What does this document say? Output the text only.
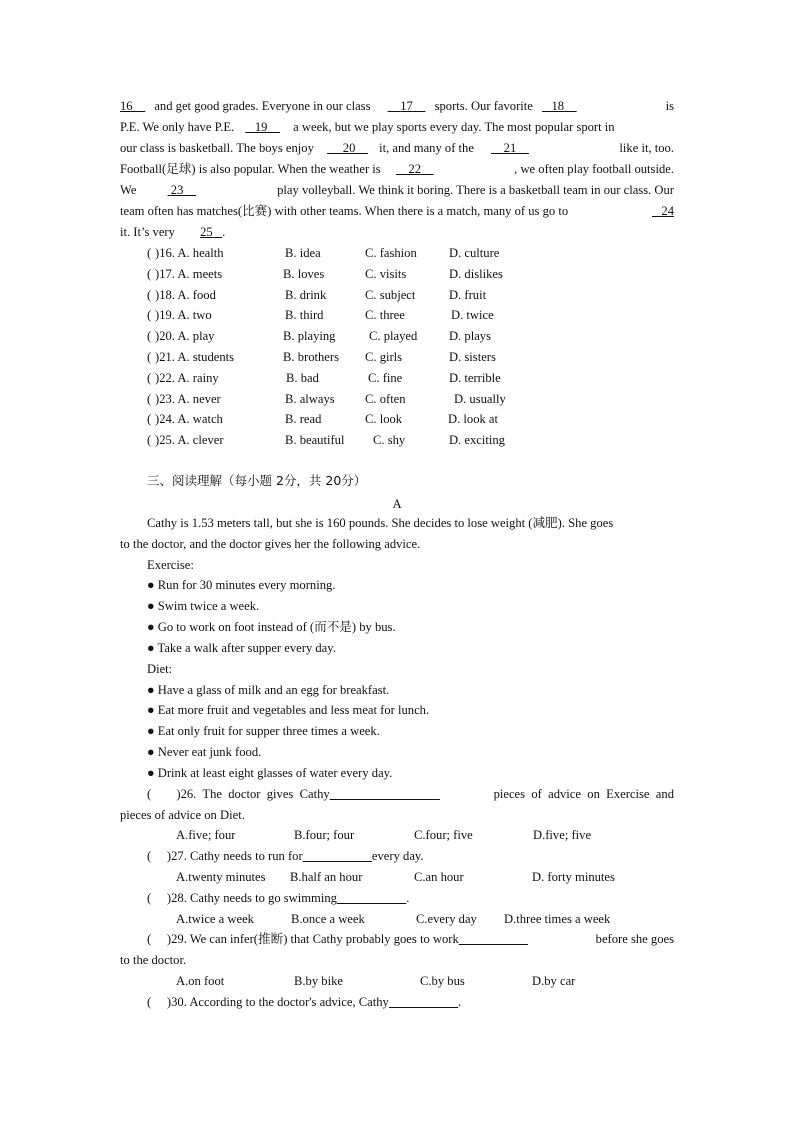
16 and get good grades. Everyone in our class 17 sports. Our favorite 18	is
P.E. We only have P.E. 19 a week, but we play sports every day. The most popular sport in
our class is basketball. The boys enjoy 20 it, and many of the 21	like it, too.
Football(足球) is also popular. When the weather is 22	, we often play football outside.
We	23	play volleyball. We think it boring. There is a basketball team in our class. Our
team often has matches(比赛) with other teams. When there is a match, many of us go to	24
it. It’s very 25 .
( )16. A. health	B. idea	C. fashion	D. culture
( )17. A. meets	B. loves	C. visits	D. dislikes
( )18. A. food	B. drink	C. subject	D. fruit
( )19. A. two	B. third	C. three	D. twice
( )20. A. play	B. playing	C. played	D. plays
( )21. A. students	B. brothers C. girls	D. sisters
( )22. A. rainy	B. bad	C. fine	D. terrible
( )23. A. never	B. always C. often	D. usually
( )24. A. watch	B. read	C. look	D. look at
( )25. A. clever	B. beautiful C. shy	D. exciting
三、阅读理解（每小题 2分，共 20分）
A
Cathy is 1.53 meters tall, but she is 160 pounds. She decides to lose weight (减肥). She goes
to the doctor, and the doctor gives her the following advice.
Exercise:
● Run for 30 minutes every morning.
● Swim twice a week.
● Go to work on foot instead of (而不是) by bus.
● Take a walk after supper every day.
Diet:
● Have a glass of milk and an egg for breakfast.
● Eat more fruit and vegetables and less meat for lunch.
● Eat only fruit for supper three times a week.
● Never eat junk food.
● Drink at least eight glasses of water every day.
(        )26.  The  doctor  gives  Cathy	pieces  of  advice  on  Exercise  and
pieces of advice on Diet.
A.five; four	B.four; four	C.four; five	D.five; five
(     )27. Cathy needs to run for	every day.
A.twenty minutes B.half an hour	C.an hour	D. forty minutes
(     )28. Cathy needs to go swimming	.
A.twice a week	B.once a week	C.every day D.three times a week
(     )29. We can infer(推断) that Cathy probably goes to work	before she goes
to the doctor.
A.on foot	B.by bike	C.by bus	D.by car
(     )30. According to the doctor's advice, Cathy	.
